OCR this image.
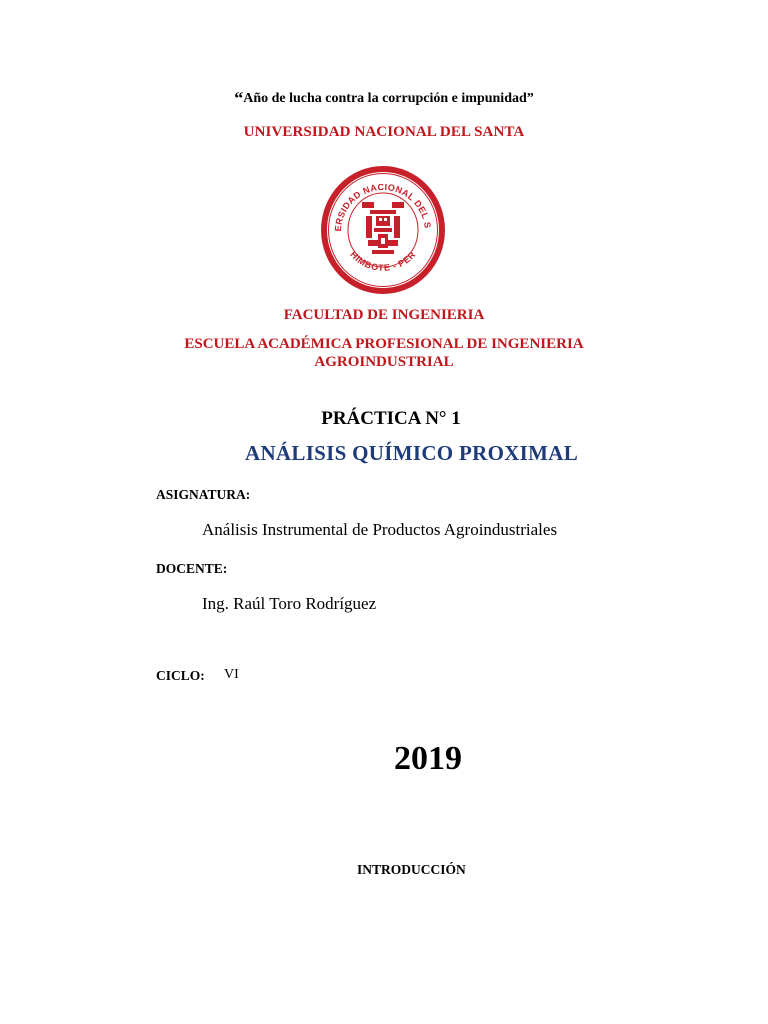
“Año de lucha contra la corrupción e impunidad”
UNIVERSIDAD NACIONAL DEL SANTA
ERSIDAD NACIONAL DEL S
HIMBOTE - PER
FACULTAD DE INGENIERIA
ESCUELA ACADÉMICA PROFESIONAL DE INGENIERIA
AGROINDUSTRIAL
PRÁCTICA N° 1
ANÁLISIS QUÍMICO PROXIMAL
ASIGNATURA:
Análisis Instrumental de Productos Agroindustriales
DOCENTE:
Ing. Raúl Toro Rodríguez
CICLO: VI
2019
INTRODUCCIÓN
